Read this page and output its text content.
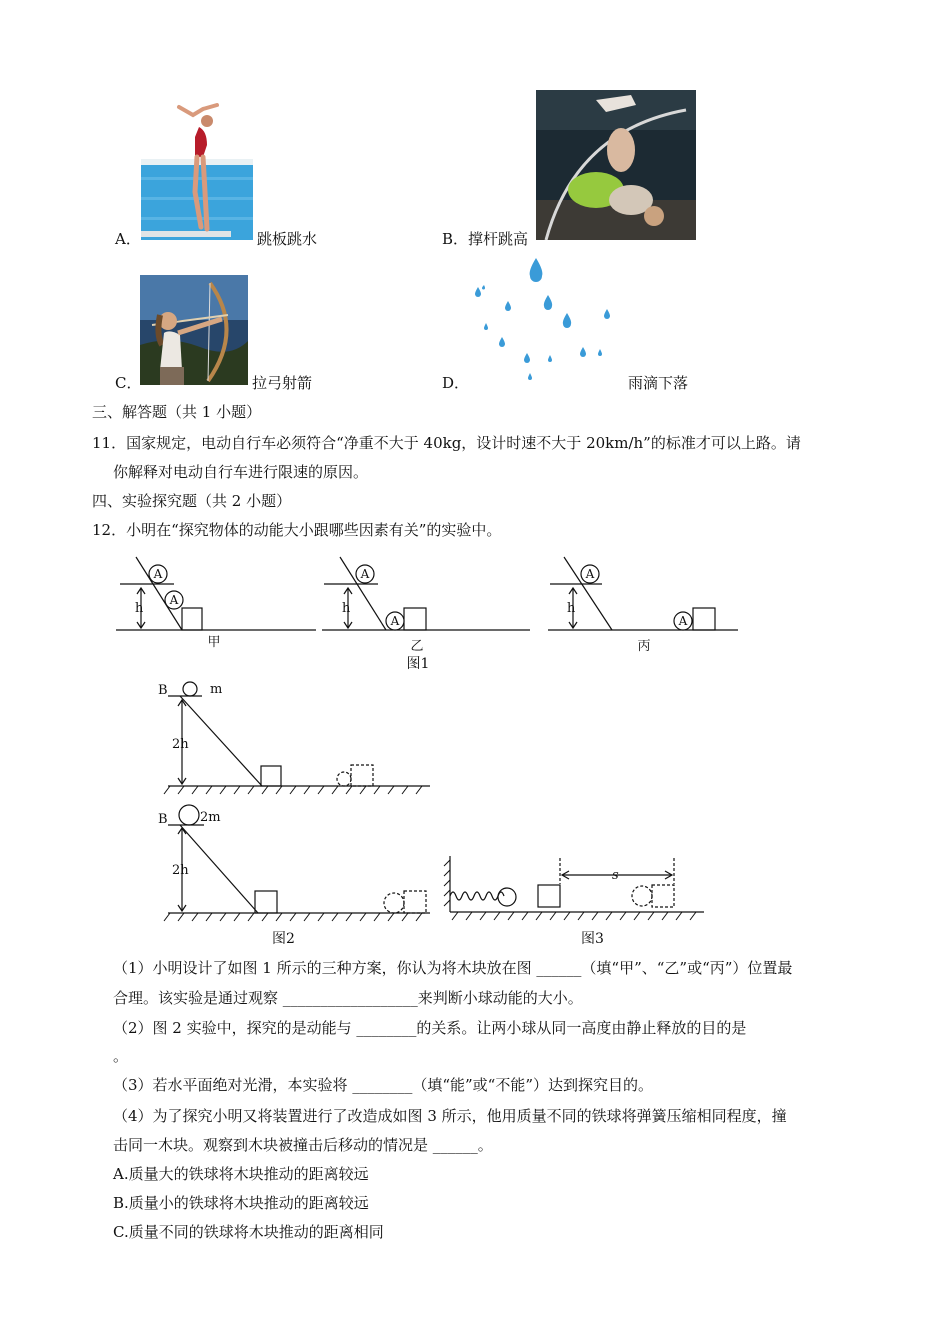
A．	跳板跳水	B．撑杆跳高
C．	拉弓射箭	D．	雨滴下落
三、解答题（共 1 小题）
11．国家规定，电动自行车必须符合“净重不大于 40kg，设计时速不大于 20km/h”的标准才可以上路。请
你解释对电动自行车进行限速的原因。
四、实验探究题（共 2 小题）
12．小明在“探究物体的动能大小跟哪些因素有关”的实验中。
A
A
A
A
A
A
h	h	h
甲	乙	丙
图1
B	m
2h
B 2m
2h
图2
s
图3
（1）小明设计了如图 1 所示的三种方案，你认为将木块放在图 ______（填“甲”、“乙”或“丙”）位置最
合理。该实验是通过观察 __________________来判断小球动能的大小。
（2）图 2 实验中，探究的是动能与 ________的关系。让两小球从同一高度由静止释放的目的是
。
（3）若水平面绝对光滑，本实验将 ________（填“能”或“不能”）达到探究目的。
（4）为了探究小明又将装置进行了改造成如图 3 所示，他用质量不同的铁球将弹簧压缩相同程度，撞
击同一木块。观察到木块被撞击后移动的情况是 ______。
A.质量大的铁球将木块推动的距离较远
B.质量小的铁球将木块推动的距离较远
C.质量不同的铁球将木块推动的距离相同
